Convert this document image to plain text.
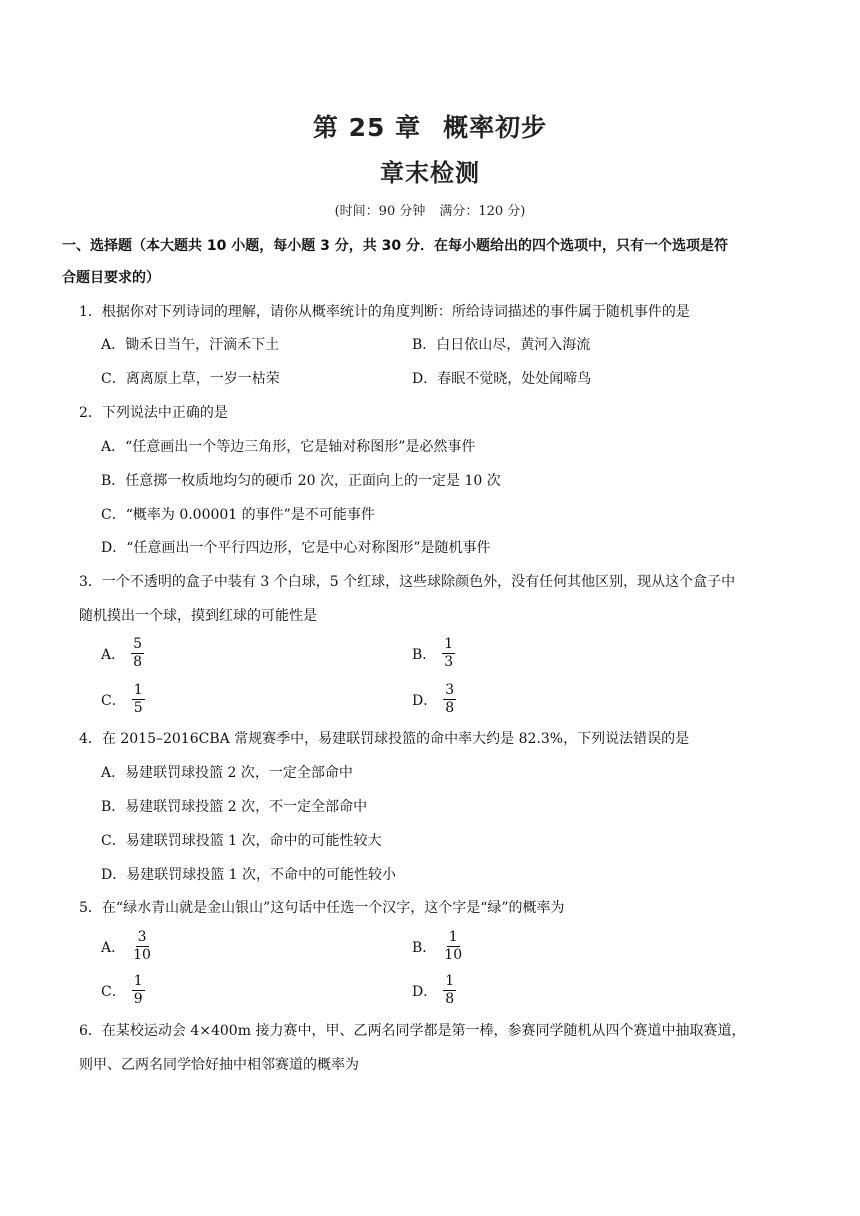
第 25 章 概率初步
章末检测
(时间：90 分钟 满分：120 分)
一、选择题（本大题共 10 小题，每小题 3 分，共 30 分．在每小题给出的四个选项中，只有一个选项是符
合题目要求的）
1．根据你对下列诗词的理解，请你从概率统计的角度判断：所给诗词描述的事件属于随机事件的是
A．锄禾日当午，汗滴禾下土	B．白日依山尽，黄河入海流
C．离离原上草，一岁一枯荣	D．春眠不觉晓，处处闻啼鸟
2．下列说法中正确的是
A．“任意画出一个等边三角形，它是轴对称图形”是必然事件
B．任意掷一枚质地均匀的硬币 20 次，正面向上的一定是 10 次
C．“概率为 0.00001 的事件”是不可能事件
D．“任意画出一个平行四边形，它是中心对称图形”是随机事件
3．一个不透明的盒子中装有 3 个白球，5 个红球，这些球除颜色外，没有任何其他区别，现从这个盒子中
随机摸出一个球，摸到红球的可能性是
A． $\frac{5}{8}$	B． $\frac{1}{3}$
C． $\frac{1}{5}$	D． $\frac{3}{8}$
4．在 2015–2016CBA 常规赛季中，易建联罚球投篮的命中率大约是 82.3%，下列说法错误的是
A．易建联罚球投篮 2 次，一定全部命中
B．易建联罚球投篮 2 次，不一定全部命中
C．易建联罚球投篮 1 次，命中的可能性较大
D．易建联罚球投篮 1 次，不命中的可能性较小
5．在“绿水青山就是金山银山”这句话中任选一个汉字，这个字是“绿”的概率为
A． $\frac{3}{10}$	B． $\frac{1}{10}$
C． $\frac{1}{9}$	D． $\frac{1}{8}$
6．在某校运动会 4×400m 接力赛中，甲、乙两名同学都是第一棒，参赛同学随机从四个赛道中抽取赛道，
则甲、乙两名同学恰好抽中相邻赛道的概率为
